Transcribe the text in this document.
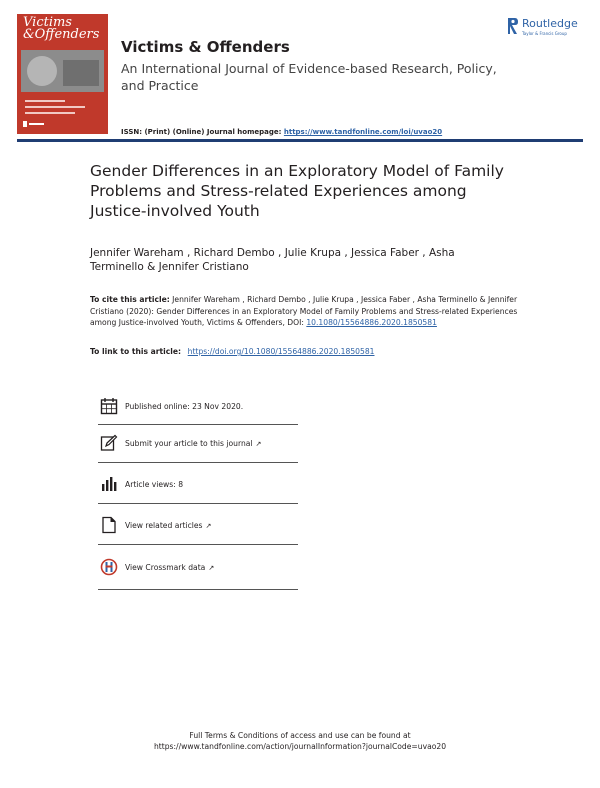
Victims
&Offenders
Victims & Offenders
An International Journal of Evidence-based Research, Policy, and Practice
ISSN: (Print) (Online) Journal homepage: https://www.tandfonline.com/loi/uvao20
Routledge
Taylor & Francis Group
Gender Differences in an Exploratory Model of Family Problems and Stress-related Experiences among Justice-involved Youth
Jennifer Wareham , Richard Dembo , Julie Krupa , Jessica Faber , Asha Terminello & Jennifer Cristiano
To cite this article: Jennifer Wareham , Richard Dembo , Julie Krupa , Jessica Faber , Asha Terminello & Jennifer Cristiano (2020): Gender Differences in an Exploratory Model of Family Problems and Stress-related Experiences among Justice-involved Youth, Victims & Offenders, DOI: 10.1080/15564886.2020.1850581
To link to this article: https://doi.org/10.1080/15564886.2020.1850581
Published online: 23 Nov 2020.
Submit your article to this journal ↗
Article views: 8
View related articles ↗
View Crossmark data ↗
Full Terms & Conditions of access and use can be found at
https://www.tandfonline.com/action/journalInformation?journalCode=uvao20
